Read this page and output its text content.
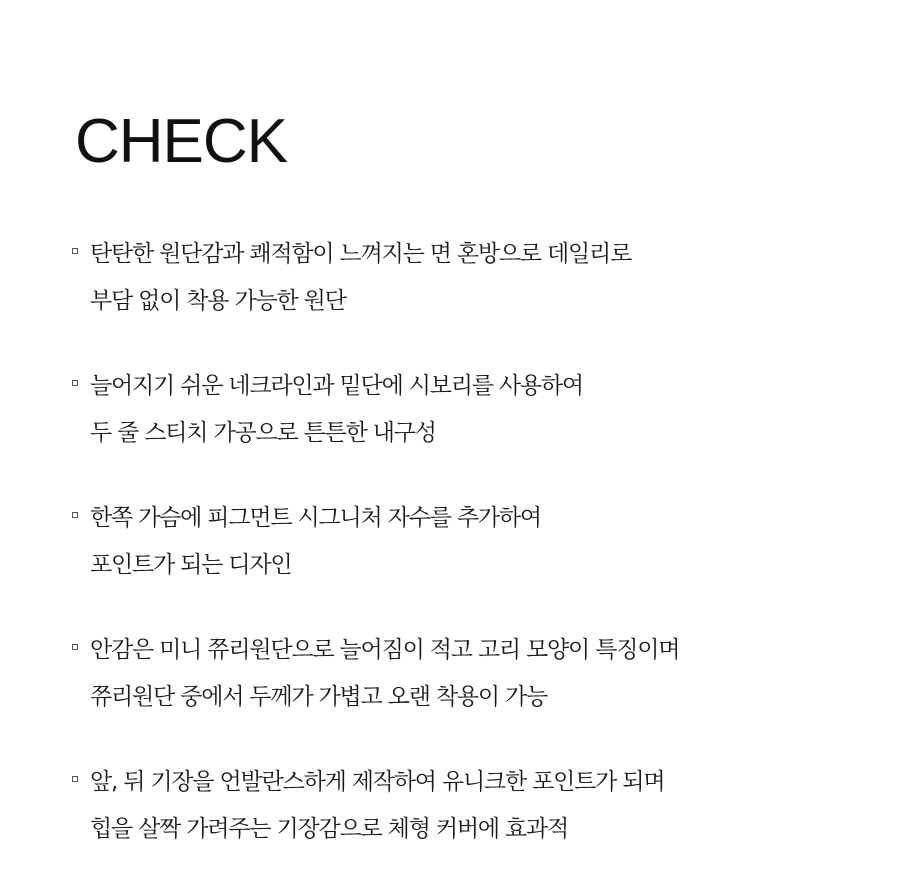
CHECK
탄탄한 원단감과 쾌적함이 느껴지는 면 혼방으로 데일리로
부담 없이 착용 가능한 원단
늘어지기 쉬운 네크라인과 밑단에 시보리를 사용하여
두 줄 스티치 가공으로 튼튼한 내구성
한쪽 가슴에 피그먼트 시그니처 자수를 추가하여
포인트가 되는 디자인
안감은 미니 쮸리원단으로 늘어짐이 적고 고리 모양이 특징이며
쮸리원단 중에서 두께가 가볍고 오랜 착용이 가능
앞, 뒤 기장을 언발란스하게 제작하여 유니크한 포인트가 되며
힙을 살짝 가려주는 기장감으로 체형 커버에 효과적
